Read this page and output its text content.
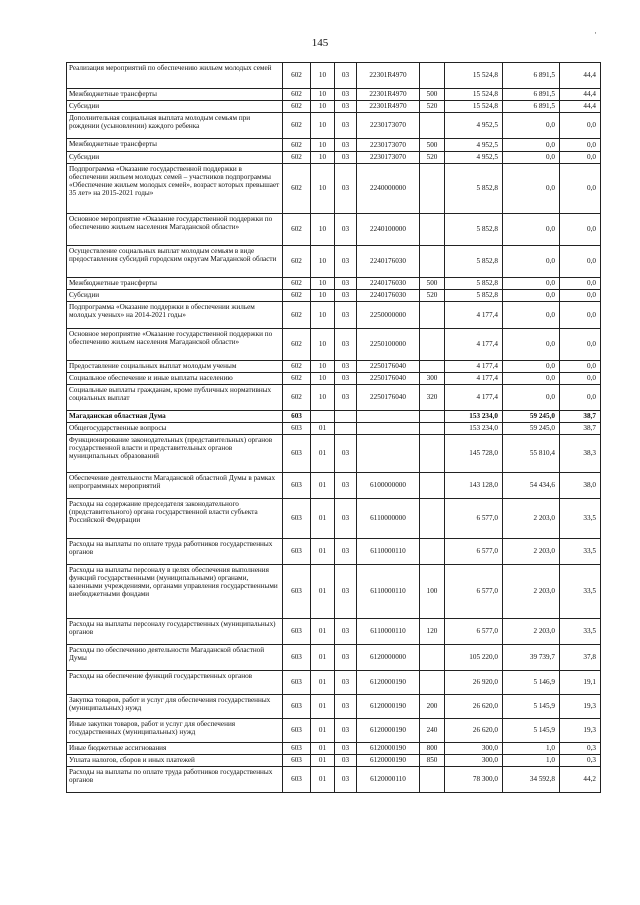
145
·
Реализация мероприятий по обеспечению жильем молодых семей	602	10	03	22301R4970		15 524,8	6 891,5	44,4
Межбюджетные трансферты	602	10	03	22301R4970	500	15 524,8	6 891,5	44,4
Субсидии	602	10	03	22301R4970	520	15 524,8	6 891,5	44,4
Дополнительная социальная выплата молодым семьям при рождении (усыновлении) каждого ребенка	602	10	03	2230173070		4 952,5	0,0	0,0
Межбюджетные трансферты	602	10	03	2230173070	500	4 952,5	0,0	0,0
Субсидии	602	10	03	2230173070	520	4 952,5	0,0	0,0
Подпрограмма «Оказание государственной поддержки в обеспечении жильем молодых семей – участников подпрограммы «Обеспечение жильем молодых семей», возраст которых превышает 35 лет» на 2015-2021 годы»	602	10	03	2240000000		5 852,8	0,0	0,0
Основное мероприятие «Оказание государственной поддержки по обеспечению жильем населения Магаданской области»	602	10	03	2240100000		5 852,8	0,0	0,0
Осуществление социальных выплат молодым семьям в виде предоставления субсидий городским округам Магаданской области	602	10	03	2240176030		5 852,8	0,0	0,0
Межбюджетные трансферты	602	10	03	2240176030	500	5 852,8	0,0	0,0
Субсидии	602	10	03	2240176030	520	5 852,8	0,0	0,0
Подпрограмма «Оказание поддержки в обеспечении жильем молодых ученых» на 2014-2021 годы»	602	10	03	2250000000		4 177,4	0,0	0,0
Основное мероприятие «Оказание государственной поддержки по обеспечению жильем населения Магаданской области»	602	10	03	2250100000		4 177,4	0,0	0,0
Предоставление социальных выплат молодым ученым	602	10	03	2250176040		4 177,4	0,0	0,0
Социальное обеспечение и иные выплаты населению	602	10	03	2250176040	300	4 177,4	0,0	0,0
Социальные выплаты гражданам, кроме публичных нормативных социальных выплат	602	10	03	2250176040	320	4 177,4	0,0	0,0
Магаданская областная Дума	603					153 234,0	59 245,0	38,7
Общегосударственные вопросы	603	01				153 234,0	59 245,0	38,7
Функционирование законодательных (представительных) органов государственной власти и представительных органов муниципальных образований	603	01	03			145 728,0	55 810,4	38,3
Обеспечение деятельности Магаданской областной Думы в рамках непрограммных мероприятий	603	01	03	6100000000		143 128,0	54 434,6	38,0
Расходы на содержание председателя законодательного (представительного) органа государственной власти субъекта Российской Федерации	603	01	03	6110000000		6 577,0	2 203,0	33,5
Расходы на выплаты по оплате труда работников государственных органов	603	01	03	6110000110		6 577,0	2 203,0	33,5
Расходы на выплаты персоналу в целях обеспечения выполнения функций государственными (муниципальными) органами, казенными учреждениями, органами управления государственными внебюджетными фондами	603	01	03	6110000110	100	6 577,0	2 203,0	33,5
Расходы на выплаты персоналу государственных (муниципальных) органов	603	01	03	6110000110	120	6 577,0	2 203,0	33,5
Расходы по обеспечению деятельности Магаданской областной Думы	603	01	03	6120000000		105 220,0	39 739,7	37,8
Расходы на обеспечение функций государственных органов	603	01	03	6120000190		26 920,0	5 146,9	19,1
Закупка товаров, работ и услуг для обеспечения государственных (муниципальных) нужд	603	01	03	6120000190	200	26 620,0	5 145,9	19,3
Иные закупки товаров, работ и услуг для обеспечения государственных (муниципальных) нужд	603	01	03	6120000190	240	26 620,0	5 145,9	19,3
Иные бюджетные ассигнования	603	01	03	6120000190	800	300,0	1,0	0,3
Уплата налогов, сборов и иных платежей	603	01	03	6120000190	850	300,0	1,0	0,3
Расходы на выплаты по оплате труда работников государственных органов	603	01	03	6120000110		78 300,0	34 592,8	44,2
